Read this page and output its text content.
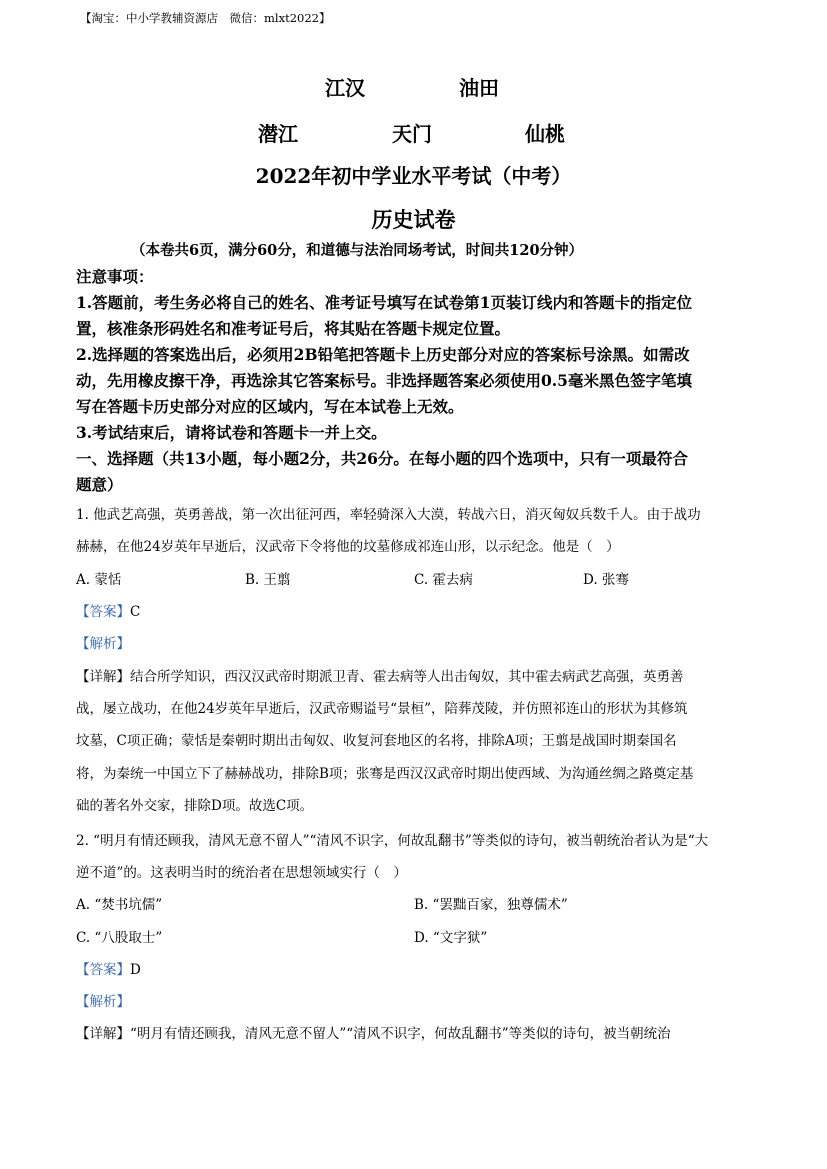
【淘宝：中小学教辅资源店　微信：mlxt2022】
江汉	油田
潜江	天门	仙桃
2022年初中学业水平考试（中考）
历史试卷
（本卷共6页，满分60分，和道德与法治同场考试，时间共120分钟）
注意事项：
1.答题前，考生务必将自己的姓名、准考证号填写在试卷第1页装订线内和答题卡的指定位
置，核准条形码姓名和准考证号后，将其贴在答题卡规定位置。
2.选择题的答案选出后，必须用2B铅笔把答题卡上历史部分对应的答案标号涂黑。如需改
动，先用橡皮擦干净，再选涂其它答案标号。非选择题答案必须使用0.5毫米黑色签字笔填
写在答题卡历史部分对应的区域内，写在本试卷上无效。
3.考试结束后，请将试卷和答题卡一并上交。
一、选择题（共13小题，每小题2分，共26分。在每小题的四个选项中，只有一项最符合
题意）
1. 他武艺高强，英勇善战，第一次出征河西，率轻骑深入大漠，转战六日，消灭匈奴兵数千人。由于战功
赫赫，在他24岁英年早逝后，汉武帝下令将他的坟墓修成祁连山形，以示纪念。他是（　）
A. 蒙恬	B. 王翦	C. 霍去病	D. 张骞
【答案】C
【解析】
【详解】结合所学知识，西汉汉武帝时期派卫青、霍去病等人出击匈奴，其中霍去病武艺高强，英勇善
战，屡立战功，在他24岁英年早逝后，汉武帝赐谥号“景桓”，陪葬茂陵，并仿照祁连山的形状为其修筑
坟墓，C项正确；蒙恬是秦朝时期出击匈奴、收复河套地区的名将，排除A项；王翦是战国时期秦国名
将，为秦统一中国立下了赫赫战功，排除B项；张骞是西汉汉武帝时期出使西域、为沟通丝绸之路奠定基
础的著名外交家，排除D项。故选C项。
2. “明月有情还顾我，清风无意不留人”“清风不识字，何故乱翻书”等类似的诗句，被当朝统治者认为是“大
逆不道”的。这表明当时的统治者在思想领域实行（　）
A. “焚书坑儒”	B. “罢黜百家，独尊儒术”
C. “八股取士”	D. “文字狱”
【答案】D
【解析】
【详解】“明月有情还顾我，清风无意不留人”“清风不识字，何故乱翻书”等类似的诗句，被当朝统治
